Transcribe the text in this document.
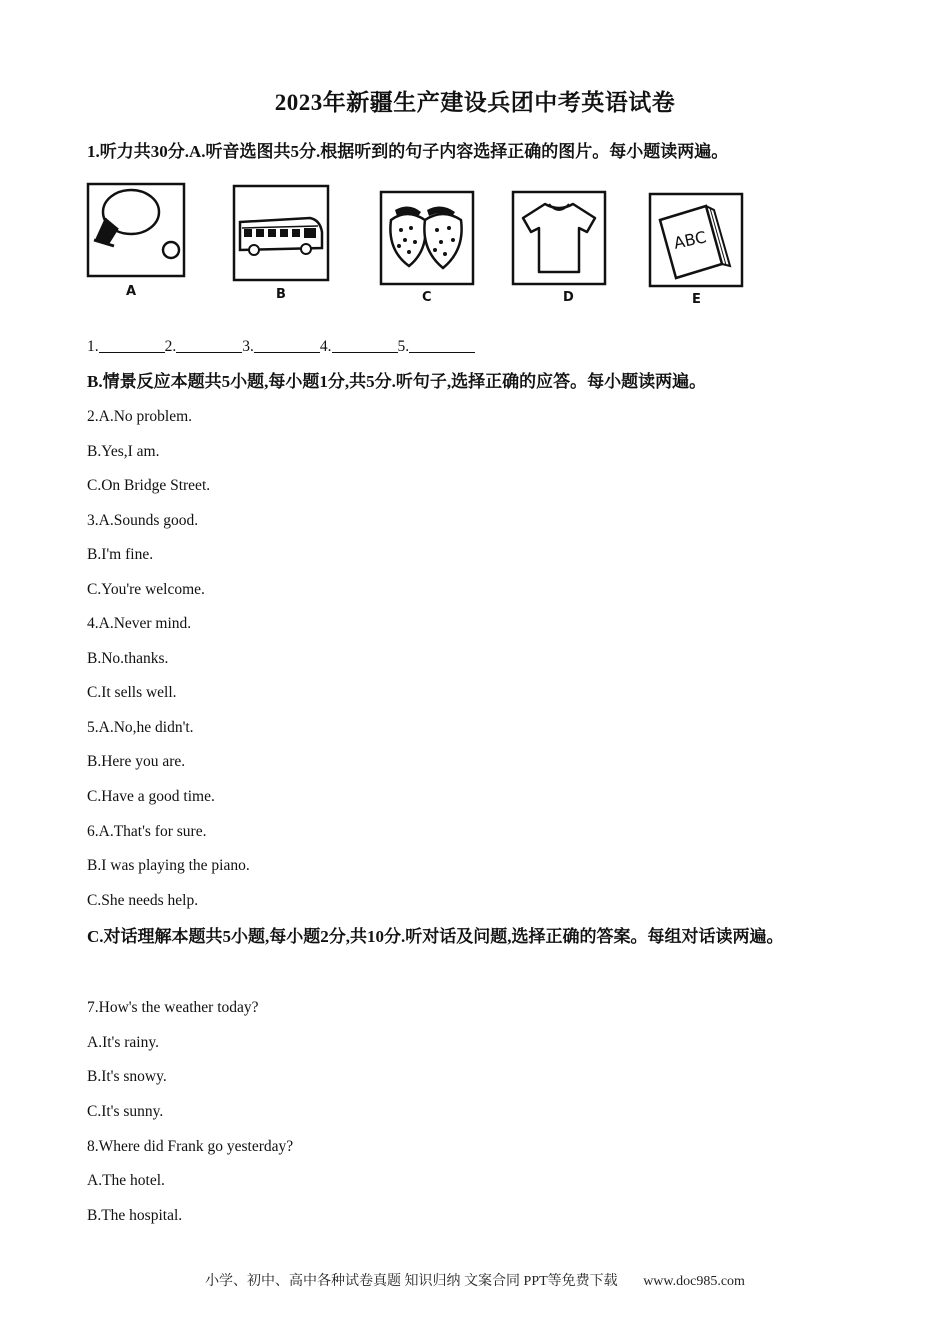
2023年新疆生产建设兵团中考英语试卷
1.听力共30分.A.听音选图共5分.根据听到的句子内容选择正确的图片。每小题读两遍。
A	B	C	D
ABC
E
1.	2.	3.	4.	5.
B.情景反应本题共5小题,每小题1分,共5分.听句子,选择正确的应答。每小题读两遍。
2.A.No problem.
B.Yes,I am.
C.On Bridge Street.
3.A.Sounds good.
B.I'm fine.
C.You're welcome.
4.A.Never mind.
B.No.thanks.
C.It sells well.
5.A.No,he didn't.
B.Here you are.
C.Have a good time.
6.A.That's for sure.
B.I was playing the piano.
C.She needs help.
C.对话理解本题共5小题,每小题2分,共10分.听对话及问题,选择正确的答案。每组对话读两遍。
7.How's the weather today?
A.It's rainy.
B.It's snowy.
C.It's sunny.
8.Where did Frank go yesterday?
A.The hotel.
B.The hospital.
小学、初中、高中各种试卷真题 知识归纳 文案合同 PPT等免费下载 www.doc985.com
